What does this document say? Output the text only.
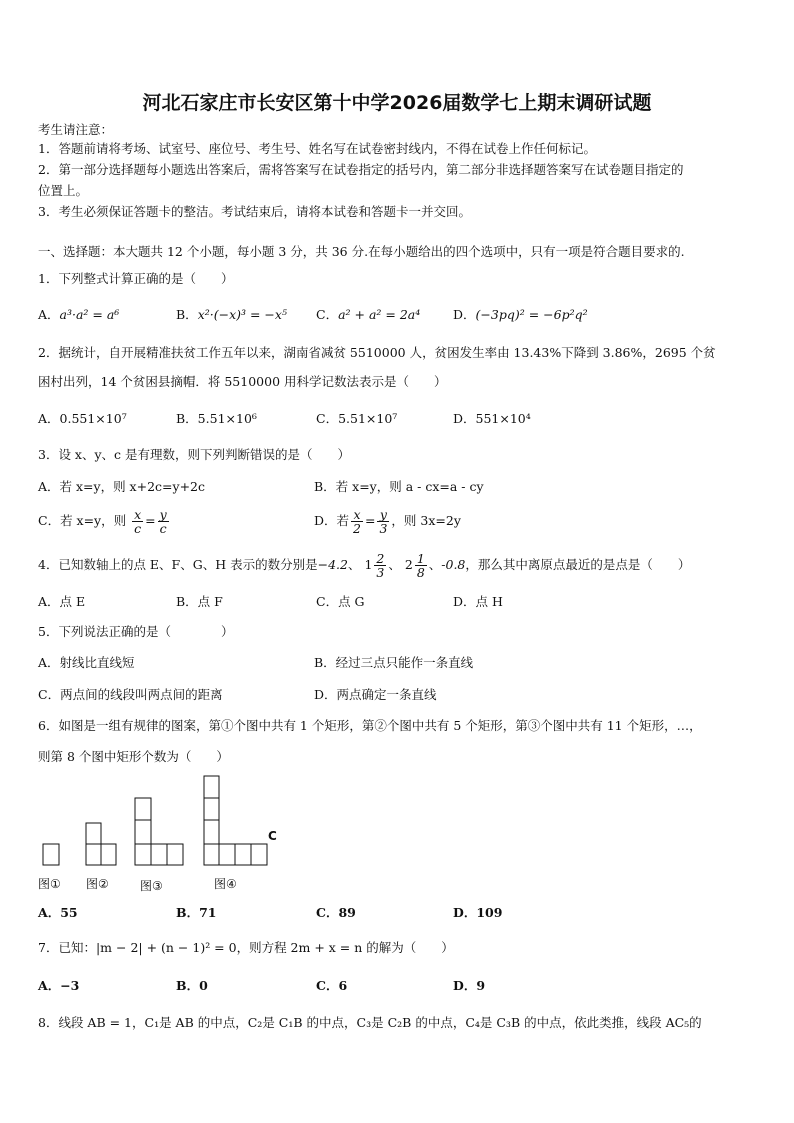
河北石家庄市长安区第十中学2026届数学七上期末调研试题
考生请注意：
1．答题前请将考场、试室号、座位号、考生号、姓名写在试卷密封线内，不得在试卷上作任何标记。
2．第一部分选择题每小题选出答案后，需将答案写在试卷指定的括号内，第二部分非选择题答案写在试卷题目指定的
位置上。
3．考生必须保证答题卡的整洁。考试结束后，请将本试卷和答题卡一并交回。
一、选择题：本大题共 12 个小题，每小题 3 分，共 36 分.在每小题给出的四个选项中，只有一项是符合题目要求的.
1．下列整式计算正确的是（　　）
A．a³·a² = a⁶	B．x²·(−x)³ = −x⁵ C．a² + a² = 2a⁴	D．(−3pq)² = −6p²q²
2．据统计，自开展精准扶贫工作五年以来，湖南省减贫 5510000 人，贫困发生率由 13.43%下降到 3.86%，2695 个贫
困村出列，14 个贫困县摘帽．将 5510000 用科学记数法表示是（　　）
A．0.551×10⁷	B．5.51×10⁶	C．5.51×10⁷	D．551×10⁴
3．设 x、y、c 是有理数，则下列判断错误的是（　　）
A．若 x=y，则 x+2c=y+2c	B．若 x=y，则 a - cx=a - cy
C．若 x=y，则 $\frac{x}{c} = \frac{y}{c}$	D．若 $\frac{x}{2} = \frac{y}{3}$ ，则 3x=2y
4．已知数轴上的点 E、F、G、H 表示的数分别是−4.2、 $1 \frac{2}{3}$ 、 $2 \frac{1}{8}$ 、-0.8，那么其中离原点最近的是点是（　　）
A．点 E	B．点 F	C．点 G	D．点 H
5．下列说法正确的是（　　　　）
A．射线比直线短	B．经过三点只能作一条直线
C．两点间的线段叫两点间的距离	D．两点确定一条直线
6．如图是一组有规律的图案，第①个图中共有 1 个矩形，第②个图中共有 5 个矩形，第③个图中共有 11 个矩形，…，
则第 8 个图中矩形个数为（　　）
C
图① 图②	图③	图④
A．55	B．71	C．89	D．109
7．已知：|m − 2| + (n − 1)² = 0，则方程 2m + x = n 的解为（　　）
A．−3	B．0	C．6	D．9
8．线段 AB = 1，C₁是 AB 的中点，C₂是 C₁B 的中点，C₃是 C₂B 的中点，C₄是 C₃B 的中点，依此类推，线段 AC₅的
